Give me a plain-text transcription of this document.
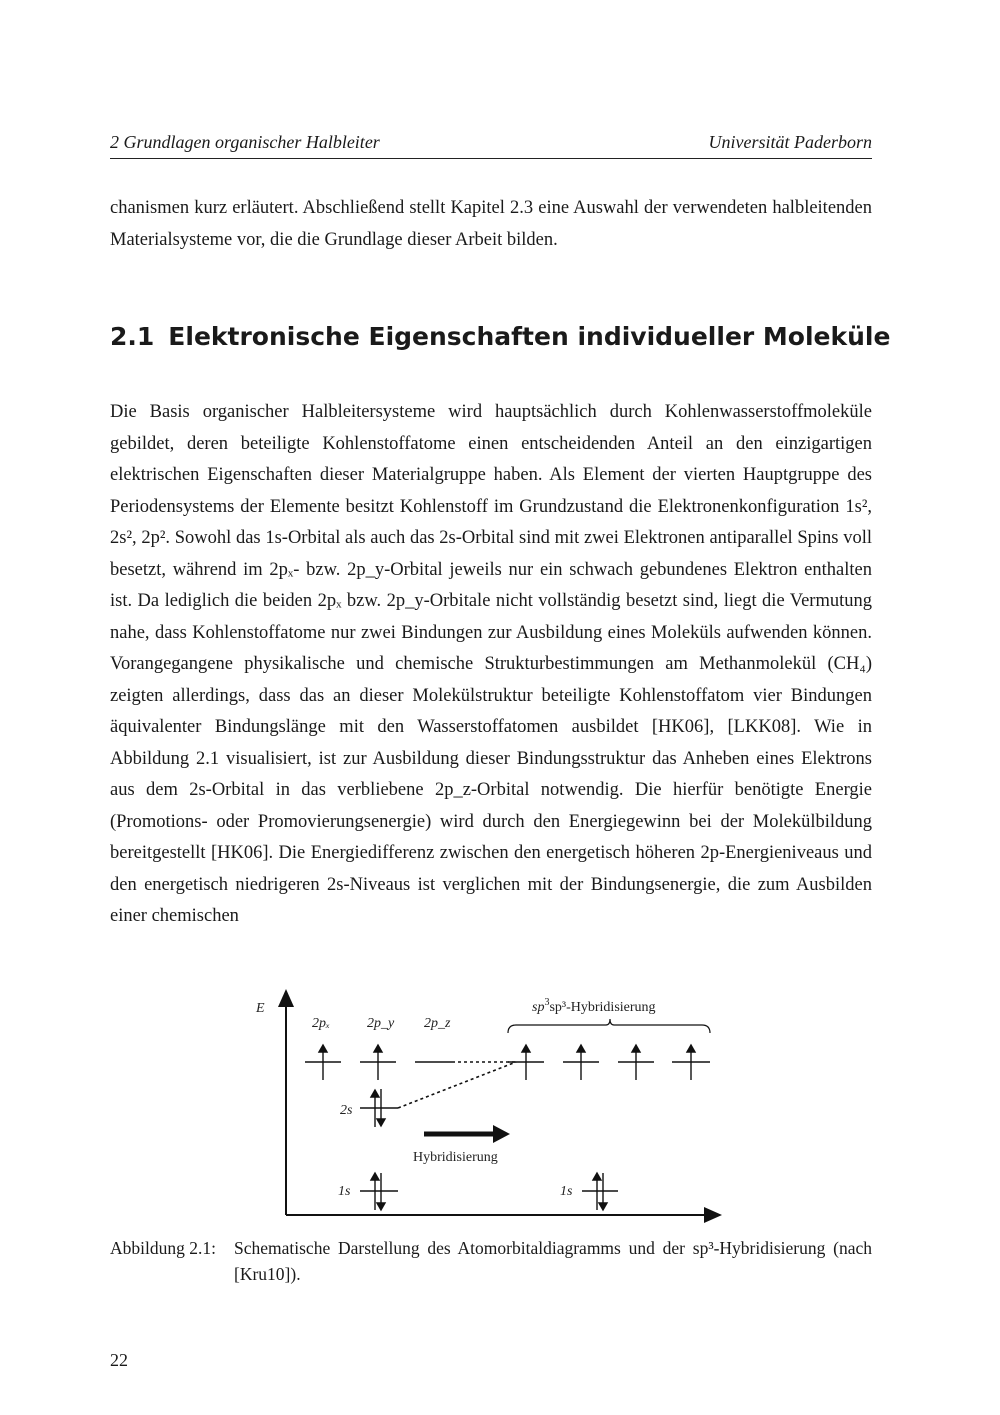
2 Grundlagen organischer Halbleiter	Universität Paderborn
chanismen kurz erläutert. Abschließend stellt Kapitel 2.3 eine Auswahl der verwendeten halbleitenden Materialsysteme vor, die die Grundlage dieser Arbeit bilden.
2.1 Elektronische Eigenschaften individueller Moleküle
Die Basis organischer Halbleitersysteme wird hauptsächlich durch Kohlenwasserstoffmoleküle gebildet, deren beteiligte Kohlenstoffatome einen entscheidenden Anteil an den einzigartigen elektrischen Eigenschaften dieser Materialgruppe haben. Als Element der vierten Hauptgruppe des Periodensystems der Elemente besitzt Kohlenstoff im Grundzustand die Elektronenkonfiguration 1s², 2s², 2p². Sowohl das 1s-Orbital als auch das 2s-Orbital sind mit zwei Elektronen antiparallel Spins voll besetzt, während im 2pₓ- bzw. 2p_y-Orbital jeweils nur ein schwach gebundenes Elektron enthalten ist. Da lediglich die beiden 2pₓ bzw. 2p_y-Orbitale nicht vollständig besetzt sind, liegt die Vermutung nahe, dass Kohlenstoffatome nur zwei Bindungen zur Ausbildung eines Moleküls aufwenden können. Vorangegangene physikalische und chemische Strukturbestimmungen am Methanmolekül (CH₄) zeigten allerdings, dass das an dieser Molekülstruktur beteiligte Kohlenstoffatom vier Bindungen äquivalenter Bindungslänge mit den Wasserstoffatomen ausbildet [HK06], [LKK08]. Wie in Abbildung 2.1 visualisiert, ist zur Ausbildung dieser Bindungsstruktur das Anheben eines Elektrons aus dem 2s-Orbital in das verbliebene 2p_z-Orbital notwendig. Die hierfür benötigte Energie (Promotions- oder Promovierungsenergie) wird durch den Energiegewinn bei der Molekülbildung bereitgestellt [HK06]. Die Energiedifferenz zwischen den energetisch höheren 2p-Energieniveaus und den energetisch niedrigeren 2s-Niveaus ist verglichen mit der Bindungsenergie, die zum Ausbilden einer chemischen
E
2pₓ	2p_y 2p_z
$sp^3sp^3$-Hybridisierung
2s
Hybridisierung
1s	1s
Abbildung 2.1: Schematische Darstellung des Atomorbitaldiagramms und der sp³-Hybridisierung (nach [Kru10]).
22
